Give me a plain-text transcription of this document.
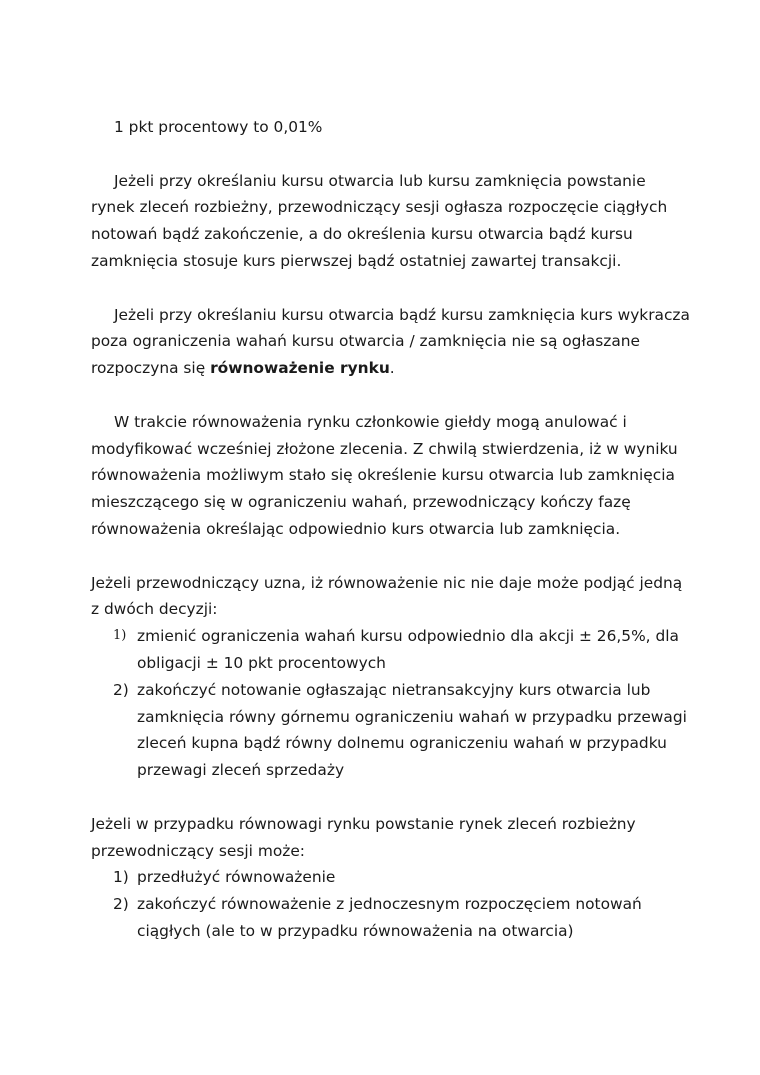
1 pkt procentowy to 0,01%

Jeżeli przy określaniu kursu otwarcia lub kursu zamknięcia powstanie rynek zleceń rozbieżny, przewodniczący sesji ogłasza rozpoczęcie ciągłych notowań bądź zakończenie, a do określenia kursu otwarcia bądź kursu zamknięcia stosuje kurs pierwszej bądź ostatniej zawartej transakcji.

Jeżeli przy określaniu kursu otwarcia bądź kursu zamknięcia kurs wykracza poza ograniczenia wahań kursu otwarcia / zamknięcia nie są ogłaszane rozpoczyna się równoważenie rynku.

W trakcie równoważenia rynku członkowie giełdy mogą anulować i modyfikować wcześniej złożone zlecenia. Z chwilą stwierdzenia, iż w wyniku równoważenia możliwym stało się określenie kursu otwarcia lub zamknięcia mieszczącego się w ograniczeniu wahań, przewodniczący kończy fazę równoważenia określając odpowiednio kurs otwarcia lub zamknięcia.

Jeżeli przewodniczący uzna, iż równoważenie nic nie daje może podjąć jedną z dwóch decyzji:

1) zmienić ograniczenia wahań kursu odpowiednio dla akcji ± 26,5%, dla obligacji ± 10 pkt procentowych
2) zakończyć notowanie ogłaszając nietransakcyjny kurs otwarcia lub zamknięcia równy górnemu ograniczeniu wahań w przypadku przewagi zleceń kupna bądź równy dolnemu ograniczeniu wahań w przypadku przewagi zleceń sprzedaży

Jeżeli w przypadku równowagi rynku powstanie rynek zleceń rozbieżny przewodniczący sesji może:

1) przedłużyć równoważenie
2) zakończyć równoważenie z jednoczesnym rozpoczęciem notowań ciągłych (ale to w przypadku równoważenia na otwarcia)
